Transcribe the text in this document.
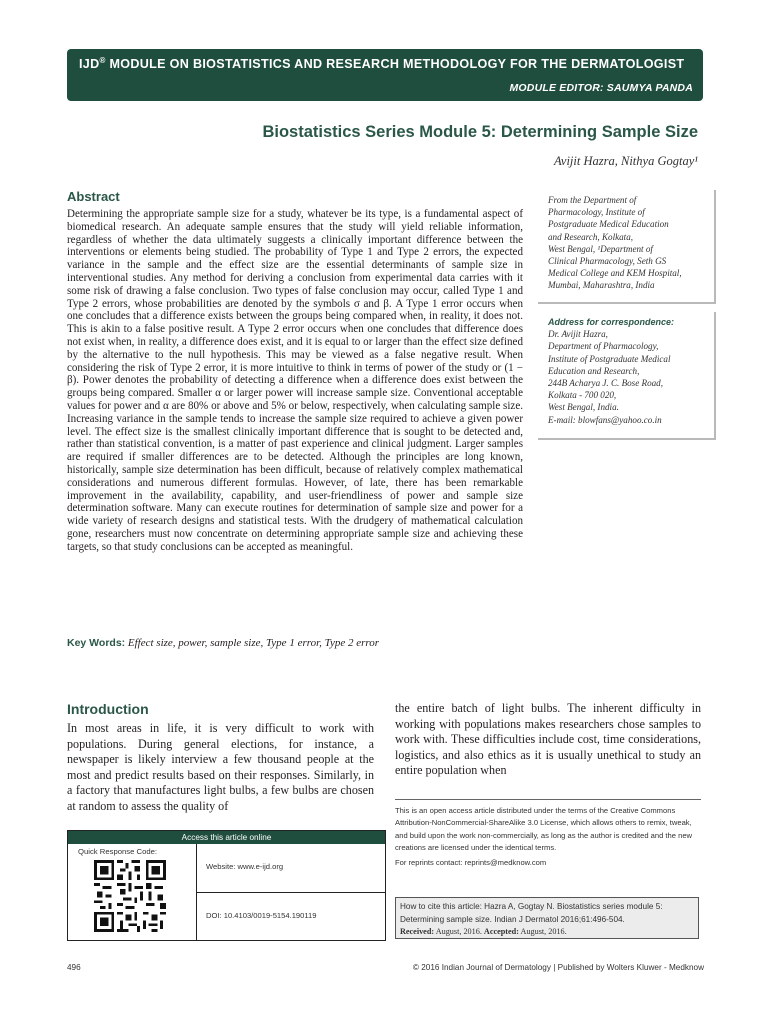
IJD® MODULE ON BIOSTATISTICS AND RESEARCH METHODOLOGY FOR THE DERMATOLOGIST
MODULE EDITOR: SAUMYA PANDA
Biostatistics Series Module 5: Determining Sample Size
Avijit Hazra, Nithya Gogtay¹
Abstract
Determining the appropriate sample size for a study, whatever be its type, is a fundamental aspect of biomedical research. An adequate sample ensures that the study will yield reliable information, regardless of whether the data ultimately suggests a clinically important difference between the interventions or elements being studied. The probability of Type 1 and Type 2 errors, the expected variance in the sample and the effect size are the essential determinants of sample size in interventional studies. Any method for deriving a conclusion from experimental data carries with it some risk of drawing a false conclusion. Two types of false conclusion may occur, called Type 1 and Type 2 errors, whose probabilities are denoted by the symbols σ and β. A Type 1 error occurs when one concludes that a difference exists between the groups being compared when, in reality, it does not. This is akin to a false positive result. A Type 2 error occurs when one concludes that difference does not exist when, in reality, a difference does exist, and it is equal to or larger than the effect size defined by the alternative to the null hypothesis. This may be viewed as a false negative result. When considering the risk of Type 2 error, it is more intuitive to think in terms of power of the study or (1 − β). Power denotes the probability of detecting a difference when a difference does exist between the groups being compared. Smaller α or larger power will increase sample size. Conventional acceptable values for power and α are 80% or above and 5% or below, respectively, when calculating sample size. Increasing variance in the sample tends to increase the sample size required to achieve a given power level. The effect size is the smallest clinically important difference that is sought to be detected and, rather than statistical convention, is a matter of past experience and clinical judgment. Larger samples are required if smaller differences are to be detected. Although the principles are long known, historically, sample size determination has been difficult, because of relatively complex mathematical considerations and numerous different formulas. However, of late, there has been remarkable improvement in the availability, capability, and user-friendliness of power and sample size determination software. Many can execute routines for determination of sample size and power for a wide variety of research designs and statistical tests. With the drudgery of mathematical calculation gone, researchers must now concentrate on determining appropriate sample size and achieving these targets, so that study conclusions can be accepted as meaningful.
Key Words: Effect size, power, sample size, Type 1 error, Type 2 error
From the Department of
Pharmacology, Institute of
Postgraduate Medical Education
and Research, Kolkata,
West Bengal, ¹Department of
Clinical Pharmacology, Seth GS
Medical College and KEM Hospital,
Mumbai, Maharashtra, India
Address for correspondence:
Dr. Avijit Hazra,
Department of Pharmacology,
Institute of Postgraduate Medical
Education and Research,
244B Acharya J. C. Bose Road,
Kolkata - 700 020,
West Bengal, India.
E-mail: blowfans@yahoo.co.in
Introduction
In most areas in life, it is very difficult to work with populations. During general elections, for instance, a newspaper is likely interview a few thousand people at the most and predict results based on their responses. Similarly, in a factory that manufactures light bulbs, a few bulbs are chosen at random to assess the quality of
the entire batch of light bulbs. The inherent difficulty in working with populations makes researchers chose samples to work with. These difficulties include cost, time considerations, logistics, and also ethics as it is usually unethical to study an entire population when
This is an open access article distributed under the terms of the Creative Commons Attribution-NonCommercial-ShareAlike 3.0 License, which allows others to remix, tweak, and build upon the work non-commercially, as long as the author is credited and the new creations are licensed under the identical terms.
For reprints contact: reprints@medknow.com
How to cite this article: Hazra A, Gogtay N. Biostatistics series module 5: Determining sample size. Indian J Dermatol 2016;61:496-504.
Received: August, 2016. Accepted: August, 2016.
Access this article online
Quick Response Code:
Website: www.e-ijd.org
DOI: 10.4103/0019-5154.190119
496	© 2016 Indian Journal of Dermatology | Published by Wolters Kluwer - Medknow
